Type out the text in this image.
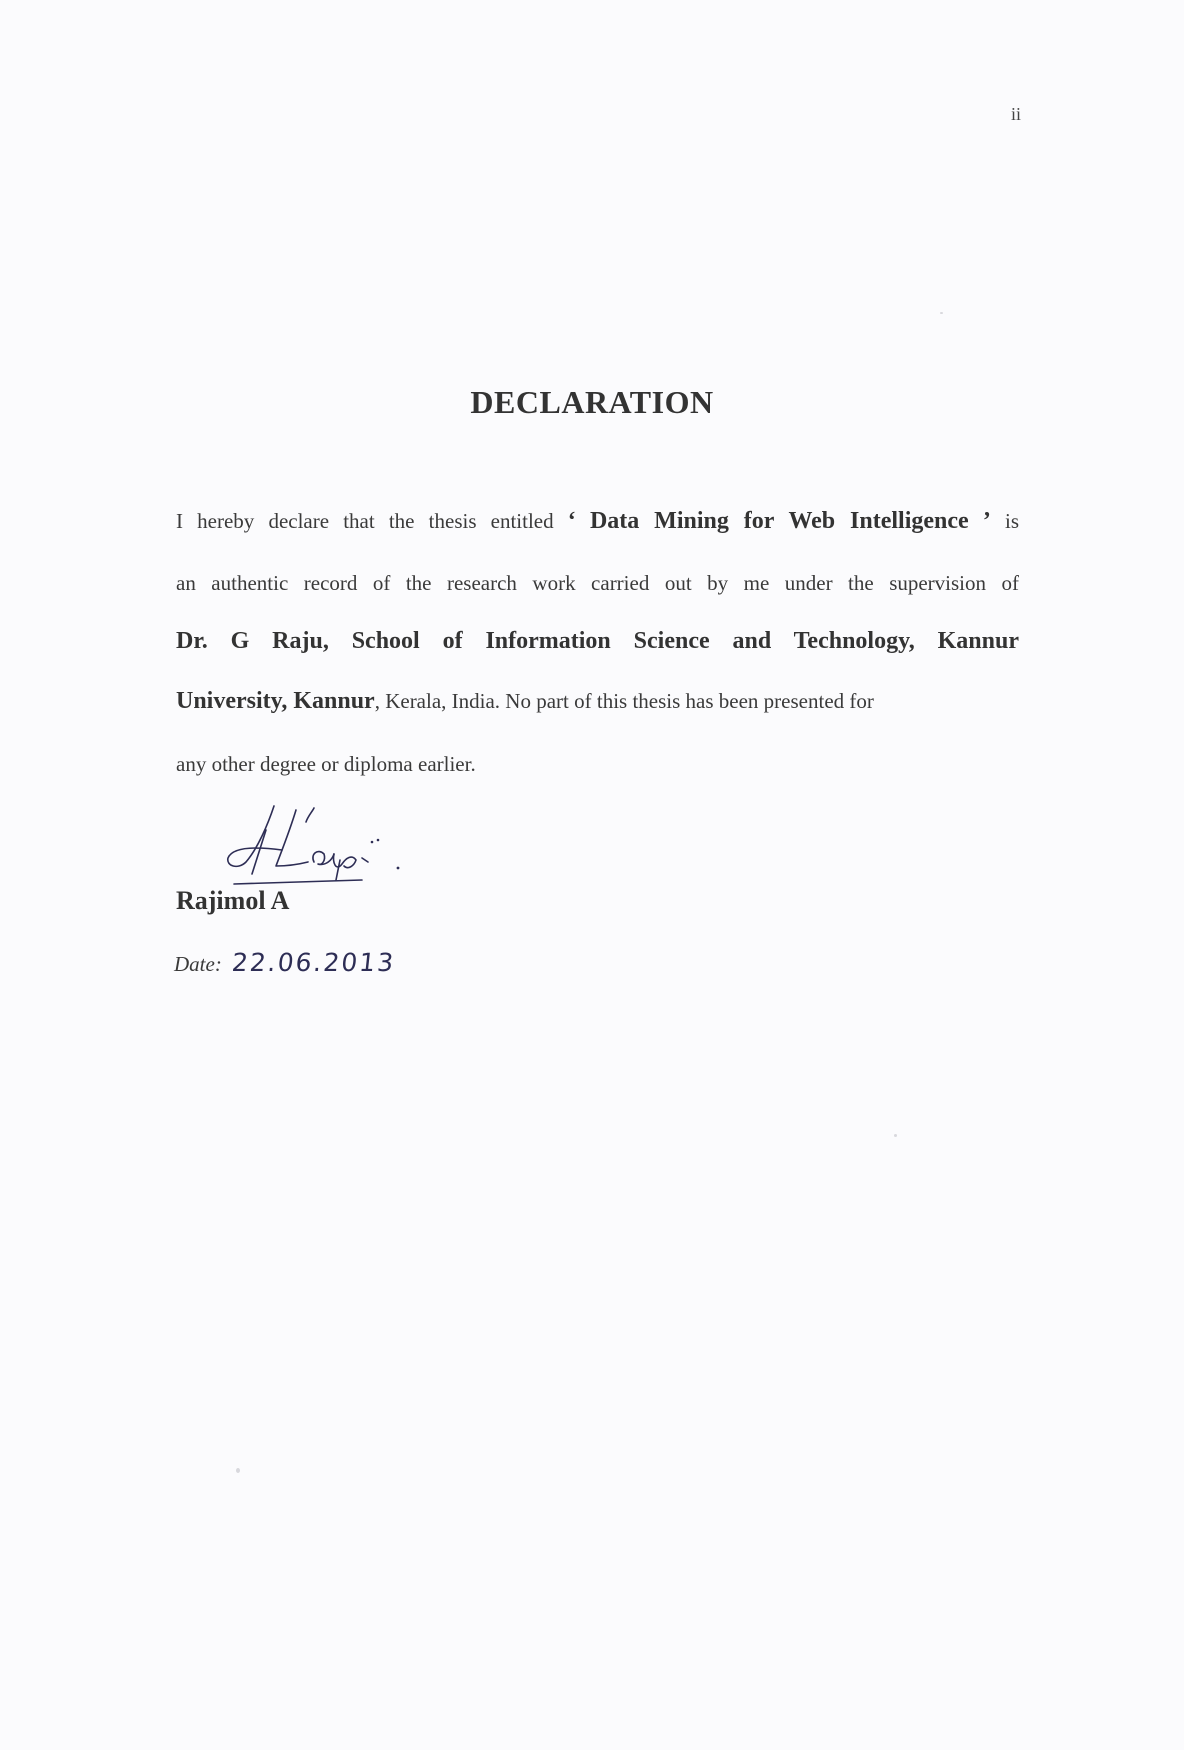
ii
DECLARATION
I hereby declare that the thesis entitled ‘ Data Mining for Web Intelligence ’ is
an authentic record of the research work carried out by me under the supervision of
Dr. G Raju, School of Information Science and Technology, Kannur
University, Kannur, Kerala, India. No part of this thesis has been presented for
any other degree or diploma earlier.
Rajimol A
Date: 22.06.2013
